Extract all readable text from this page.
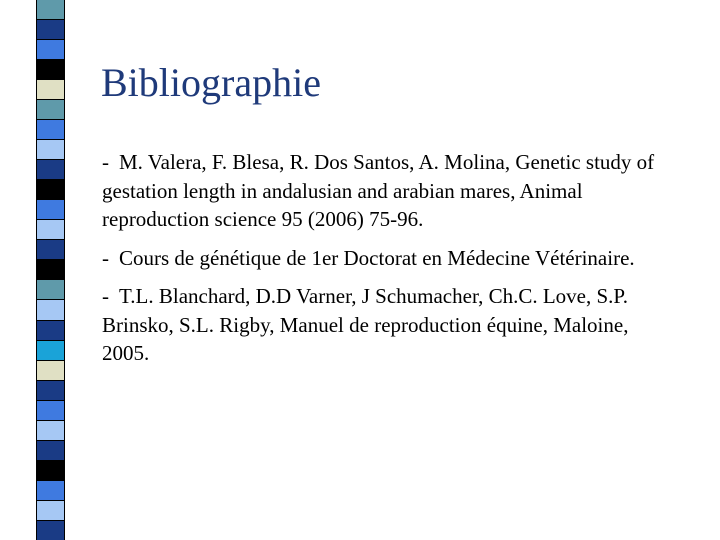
Bibliographie

- M. Valera, F. Blesa, R. Dos Santos, A. Molina, Genetic study of gestation length in andalusian and arabian mares, Animal reproduction science 95 (2006) 75-96.

- Cours de génétique de 1er Doctorat en Médecine Vétérinaire.

- T.L. Blanchard, D.D Varner, J Schumacher, Ch.C. Love, S.P. Brinsko, S.L. Rigby, Manuel de reproduction équine, Maloine, 2005.
